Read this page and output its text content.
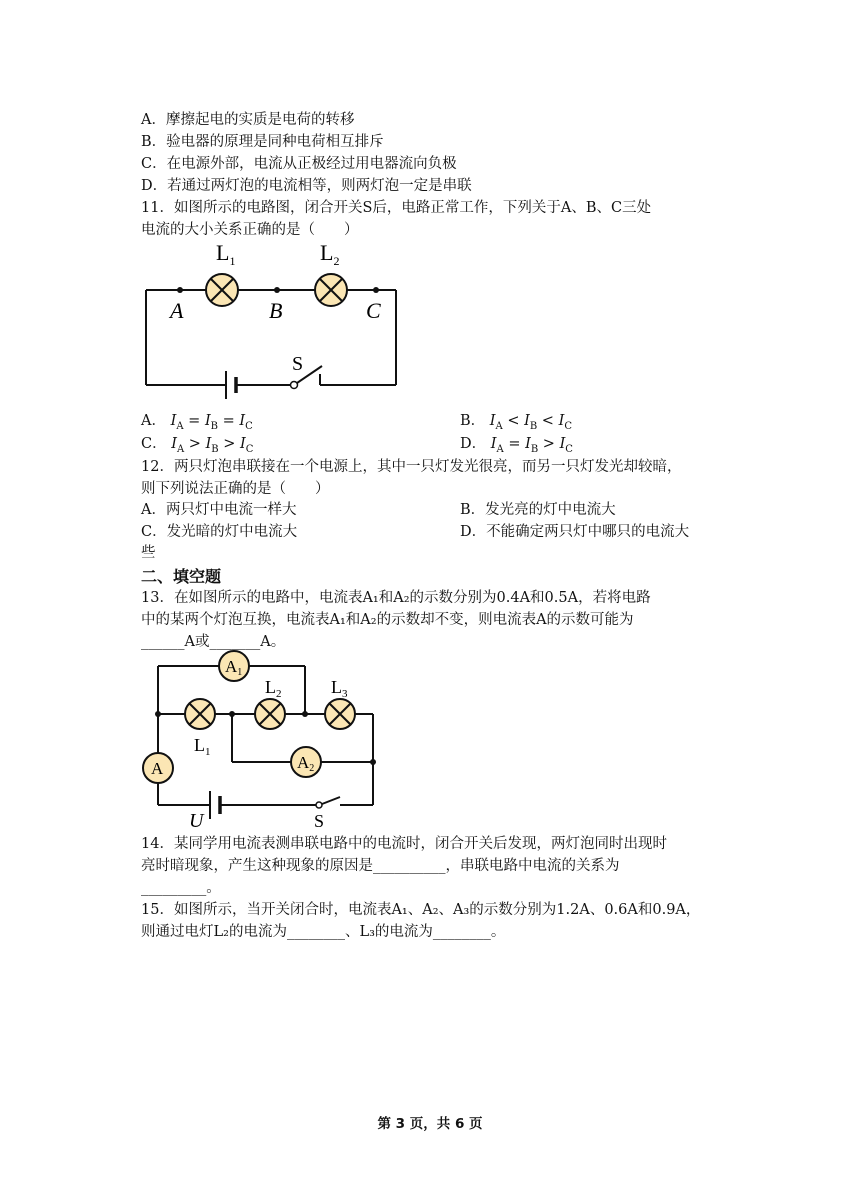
A．摩擦起电的实质是电荷的转移
B．验电器的原理是同种电荷相互排斥
C．在电源外部，电流从正极经过用电器流向负极
D．若通过两灯泡的电流相等，则两灯泡一定是串联
11．如图所示的电路图，闭合开关S后，电路正常工作，下列关于A、B、C三处
电流的大小关系正确的是（　　）
$L_1$	$L_2$
A	B	C
S
A． $I_A = I_B = I_C$	B． $I_A < I_B < I_C$
C． $I_A > I_B > I_C$	D． $I_A = I_B > I_C$
12．两只灯泡串联接在一个电源上，其中一只灯发光很亮，而另一只灯发光却较暗，
则下列说法正确的是（　　）
A．两只灯中电流一样大	B．发光亮的灯中电流大
C．发光暗的灯中电流大	D．不能确定两只灯中哪只的电流大
些
二、填空题
13．在如图所示的电路中，电流表A₁和A₂的示数分别为0.4A和0.5A，若将电路
中的某两个灯泡互换，电流表A₁和A₂的示数却不变，则电流表A的示数可能为
______A或_______A。
A1
A2
A
$L_1$
$L_2$	$L_3$
U	S
14．某同学用电流表测串联电路中的电流时，闭合开关后发现，两灯泡同时出现时
亮时暗现象，产生这种现象的原因是__________，串联电路中电流的关系为
_________。
15．如图所示，当开关闭合时，电流表A₁、A₂、A₃的示数分别为1.2A、0.6A和0.9A，
则通过电灯L₂的电流为________、L₃的电流为________。
第 3 页，共 6 页
